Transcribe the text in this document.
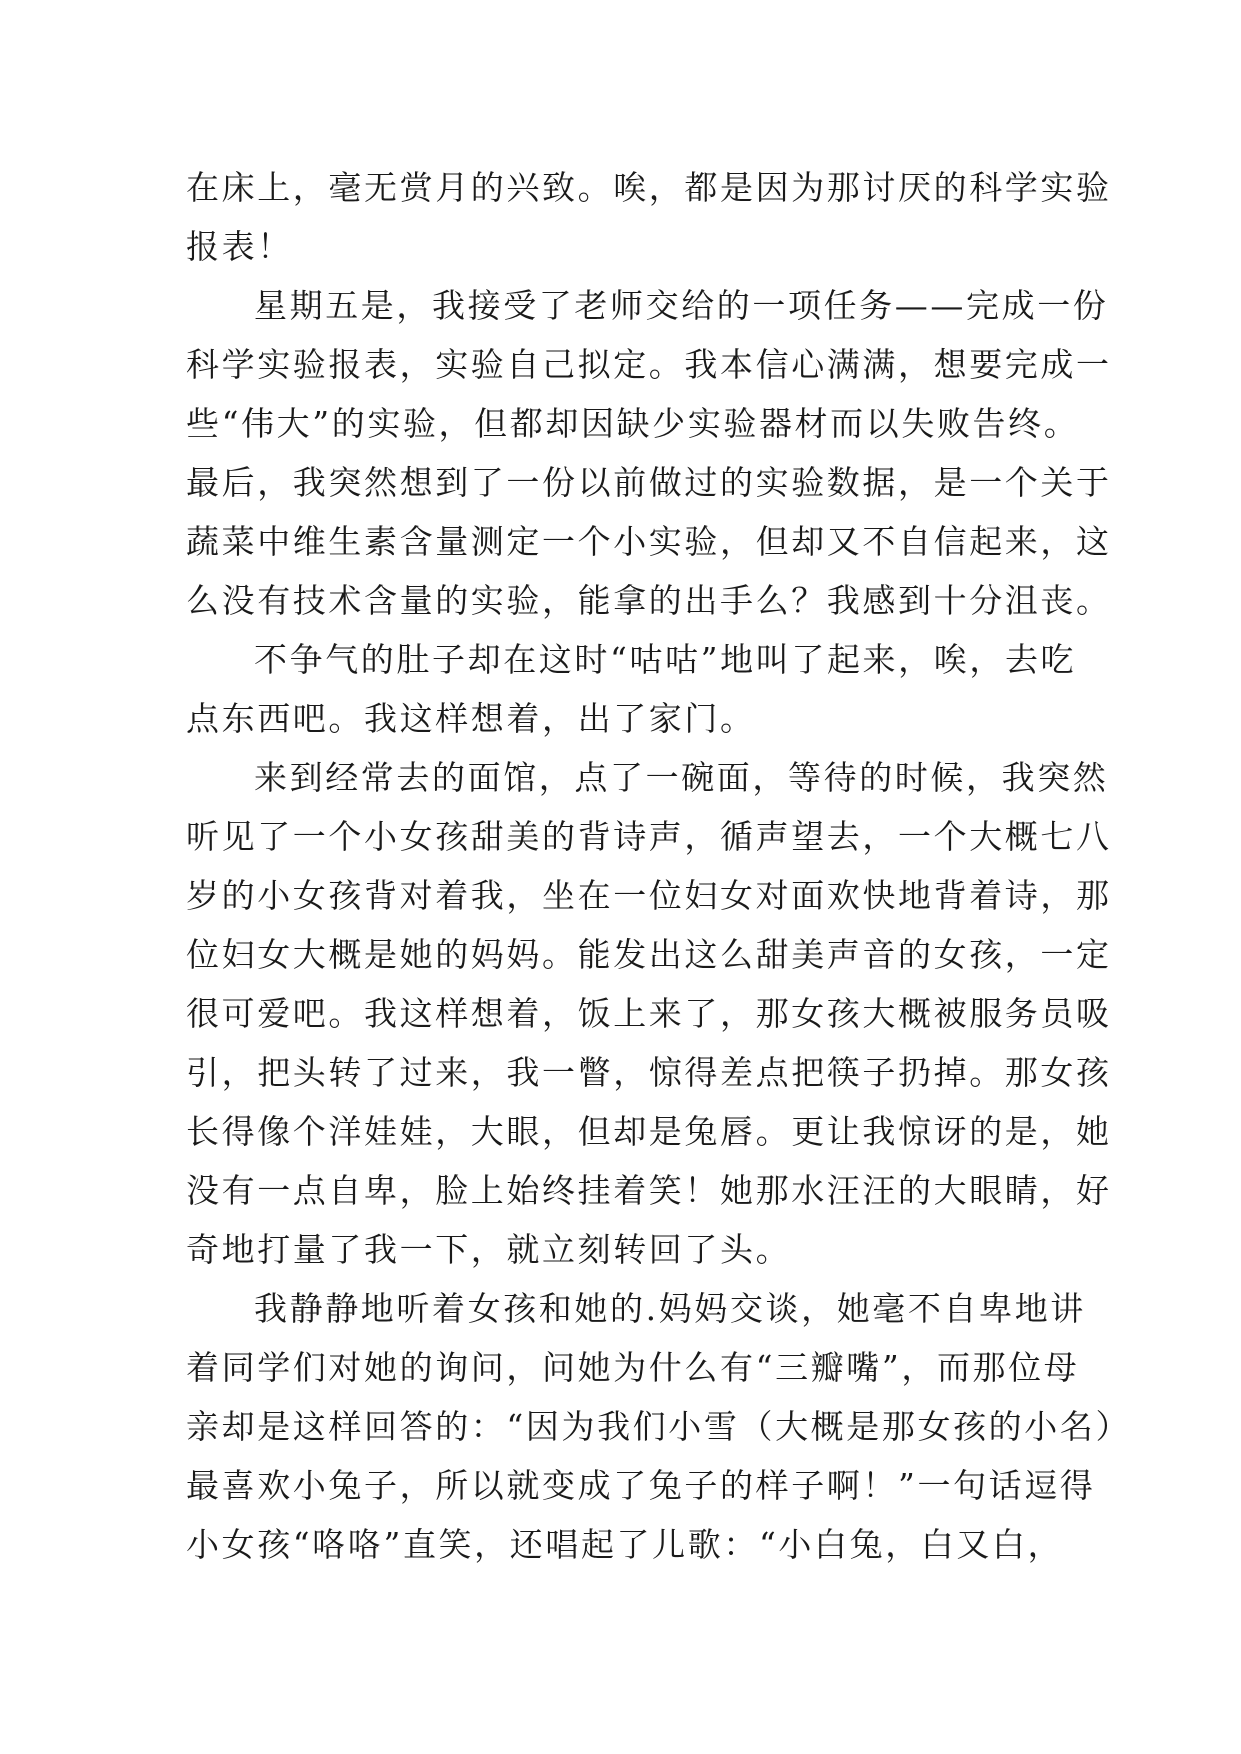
在床上，毫无赏月的兴致。唉，都是因为那讨厌的科学实验
报表！
星期五是，我接受了老师交给的一项任务——完成一份
科学实验报表，实验自己拟定。我本信心满满，想要完成一
些“伟大”的实验，但都却因缺少实验器材而以失败告终。
最后，我突然想到了一份以前做过的实验数据，是一个关于
蔬菜中维生素含量测定一个小实验，但却又不自信起来，这
么没有技术含量的实验，能拿的出手么？我感到十分沮丧。
不争气的肚子却在这时“咕咕”地叫了起来，唉，去吃
点东西吧。我这样想着，出了家门。
来到经常去的面馆，点了一碗面，等待的时候，我突然
听见了一个小女孩甜美的背诗声，循声望去，一个大概七八
岁的小女孩背对着我，坐在一位妇女对面欢快地背着诗，那
位妇女大概是她的妈妈。能发出这么甜美声音的女孩，一定
很可爱吧。我这样想着，饭上来了，那女孩大概被服务员吸
引，把头转了过来，我一瞥，惊得差点把筷子扔掉。那女孩
长得像个洋娃娃，大眼，但却是兔唇。更让我惊讶的是，她
没有一点自卑，脸上始终挂着笑！她那水汪汪的大眼睛，好
奇地打量了我一下，就立刻转回了头。
我静静地听着女孩和她的.妈妈交谈，她毫不自卑地讲
着同学们对她的询问，问她为什么有“三瓣嘴”，而那位母
亲却是这样回答的：“因为我们小雪（大概是那女孩的小名）
最喜欢小兔子，所以就变成了兔子的样子啊！”一句话逗得
小女孩“咯咯”直笑，还唱起了儿歌：“小白兔，白又白，
